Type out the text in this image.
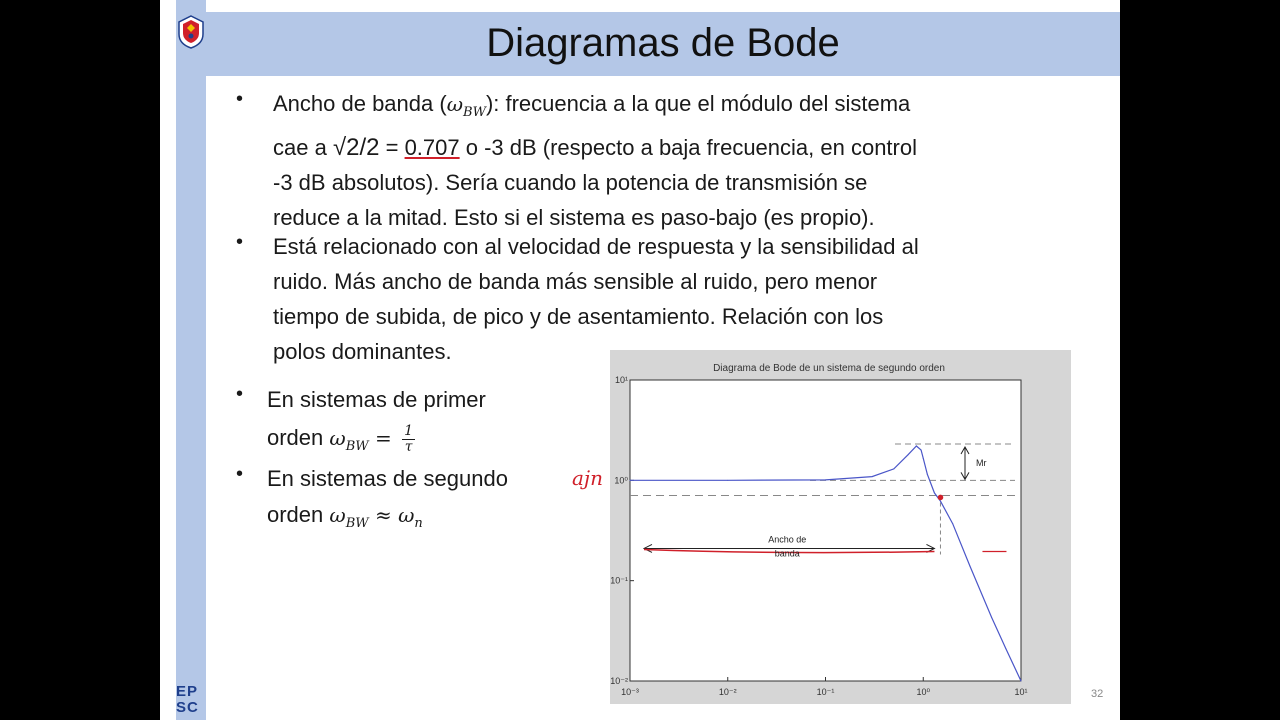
Diagramas de Bode
• Ancho de banda $(\omega_{BW})$: frecuencia a la que el módulo del sistema
cae a √2/2 = 0.707 o -3 dB (respecto a baja frecuencia, en control
-3 dB absolutos). Sería cuando la potencia de transmisión se
reduce a la mitad. Esto si el sistema es paso-bajo (es propio).
• Está relacionado con al velocidad de respuesta y la sensibilidad al
ruido. Más ancho de banda más sensible al ruido, pero menor
tiempo de subida, de pico y de asentamiento. Relación con los
polos dominantes.
• En sistemas de primer
orden $\omega_{BW} = \frac{1}{\tau}$
• En sistemas de segundo
orden $\omega_{BW} \approx \omega_n$
ajn
Diagrama de Bode de un sistema de segundo orden
10⁻³	10⁻²	10⁻¹	10⁰	10¹
10¹
10⁰
10⁻¹
10⁻²
Mr
Ancho de
banda
32
EP
SC
